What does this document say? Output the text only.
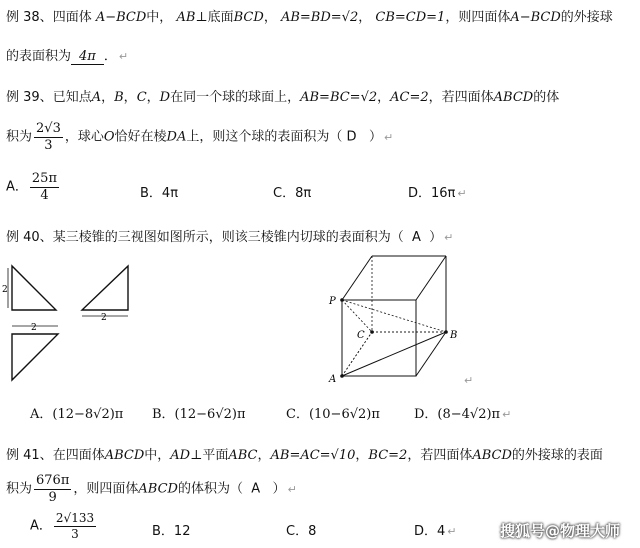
例 38、四面体 A−BCD中， AB⊥底面BCD， AB=BD=√2， CB=CD=1，则四面体A−BCD的外接球
的表面积为 4π ． ↵
例 39、已知点A，B，C，D在同一个球的球面上，AB=BC=√2，AC=2，若四面体ABCD的体
积为 $\frac{2√3}{3}$ ，球心O恰好在棱DA上，则这个球的表面积为（ D ） ↵
A． $\frac{25\pi}{4}$	B．4π	C．8π	D．16π ↵
例 40、某三棱锥的三视图如图所示，则该三棱锥内切球的表面积为（ A ） ↵
2
2
2
P
C	B
A	↵
A．(12−8√2)π B．(12−6√2)π	C．(10−6√2)π	D．(8−4√2)π ↵
例 41、在四面体ABCD中，AD⊥平面ABC，AB=AC=√10，BC=2，若四面体ABCD的外接球的表面
积为 $\frac{676\pi}{9}$ ，则四面体ABCD的体积为（ A ） ↵
A． $\frac{2√133}{3}$	B．12	C．8	D．4 ↵	搜狐号@物理大师
